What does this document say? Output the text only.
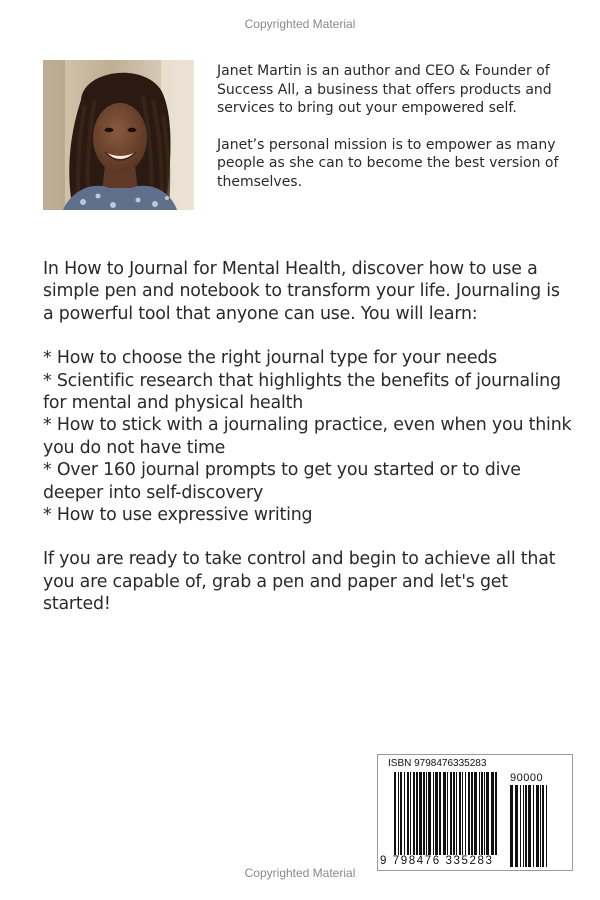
Copyrighted Material

Janet Martin is an author and CEO & Founder of Success All, a business that offers products and services to bring out your empowered self.

Janet’s personal mission is to empower as many people as she can to become the best version of themselves.

In How to Journal for Mental Health, discover how to use a simple pen and notebook to transform your life. Journaling is a powerful tool that anyone can use. You will learn:

* How to choose the right journal type for your needs
* Scientific research that highlights the benefits of journaling for mental and physical health
* How to stick with a journaling practice, even when you think you do not have time
* Over 160 journal prompts to get you started or to dive deeper into self-discovery
* How to use expressive writing

If you are ready to take control and begin to achieve all that you are capable of, grab a pen and paper and let's get started!

ISBN 9798476335283
90000
9 798476 335283
Copyrighted Material
